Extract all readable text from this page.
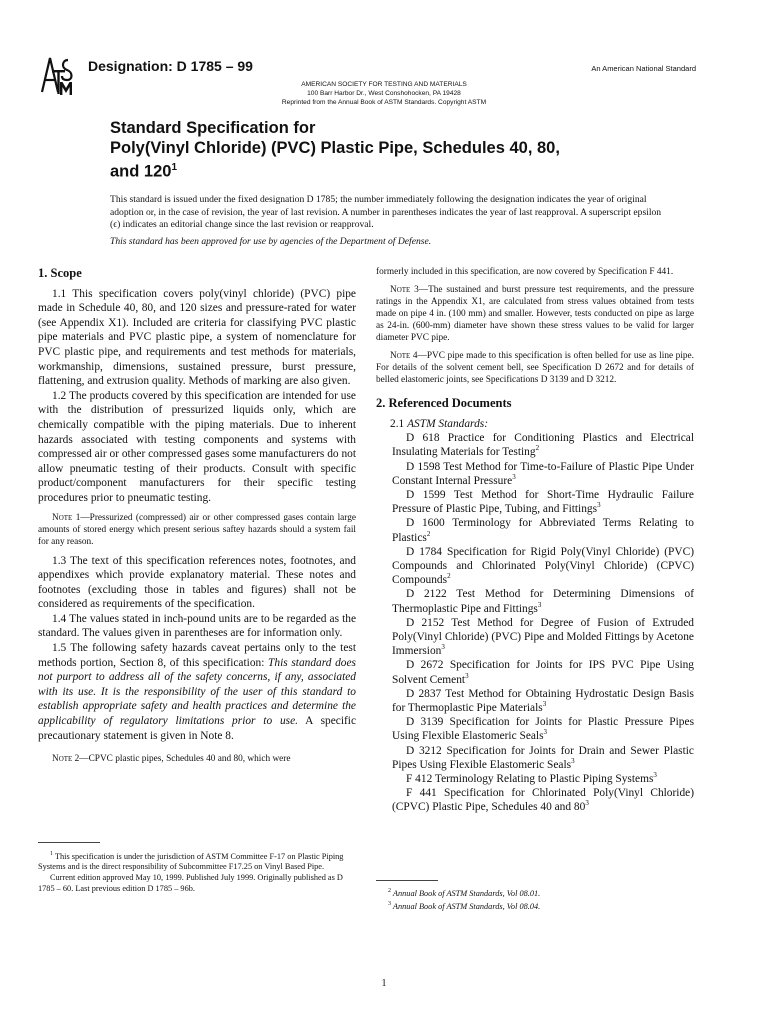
Designation: D 1785 – 99	An American National Standard
AMERICAN SOCIETY FOR TESTING AND MATERIALS
100 Barr Harbor Dr., West Conshohocken, PA 19428
Reprinted from the Annual Book of ASTM Standards. Copyright ASTM
Standard Specification for
Poly(Vinyl Chloride) (PVC) Plastic Pipe, Schedules 40, 80,
and $120^1$

This standard is issued under the fixed designation D 1785; the number immediately following the designation indicates the year of original adoption or, in the case of revision, the year of last revision. A number in parentheses indicates the year of last reapproval. A superscript epsilon (ϵ) indicates an editorial change since the last revision or reapproval.

This standard has been approved for use by agencies of the Department of Defense.

1. Scope

1.1 This specification covers poly(vinyl chloride) (PVC) pipe made in Schedule 40, 80, and 120 sizes and pressure-rated for water (see Appendix X1). Included are criteria for classifying PVC plastic pipe materials and PVC plastic pipe, a system of nomenclature for PVC plastic pipe, and requirements and test methods for materials, workmanship, dimensions, sustained pressure, burst pressure, flattening, and extrusion quality. Methods of marking are also given.

1.2 The products covered by this specification are intended for use with the distribution of pressurized liquids only, which are chemically compatible with the piping materials. Due to inherent hazards associated with testing components and systems with compressed air or other compressed gases some manufacturers do not allow pneumatic testing of their products. Consult with specific product/component manufacturers for their specific testing procedures prior to pneumatic testing.

Note 1—Pressurized (compressed) air or other compressed gases contain large amounts of stored energy which present serious saftey hazards should a system fail for any reason.

1.3 The text of this specification references notes, footnotes, and appendixes which provide explanatory material. These notes and footnotes (excluding those in tables and figures) shall not be considered as requirements of the specification.

1.4 The values stated in inch-pound units are to be regarded as the standard. The values given in parentheses are for information only.

1.5 The following safety hazards caveat pertains only to the test methods portion, Section 8, of this specification: This standard does not purport to address all of the safety concerns, if any, associated with its use. It is the responsibility of the user of this standard to establish appropriate safety and health practices and determine the applicability of regulatory limitations prior to use. A specific precautionary statement is given in Note 8.

Note 2—CPVC plastic pipes, Schedules 40 and 80, which were

$^1$ This specification is under the jurisdiction of ASTM Committee F-17 on Plastic Piping Systems and is the direct responsibility of Subcommittee F17.25 on Vinyl Based Pipe.

Current edition approved May 10, 1999. Published July 1999. Originally published as D 1785 – 60. Last previous edition D 1785 – 96b.

formerly included in this specification, are now covered by Specification F 441.

Note 3—The sustained and burst pressure test requirements, and the pressure ratings in the Appendix X1, are calculated from stress values obtained from tests made on pipe 4 in. (100 mm) and smaller. However, tests conducted on pipe as large as 24-in. (600-mm) diameter have shown these stress values to be valid for larger diameter PVC pipe.

Note 4—PVC pipe made to this specification is often belled for use as line pipe. For details of the solvent cement bell, see Specification D 2672 and for details of belled elastomeric joints, see Specifications D 3139 and D 3212.

2. Referenced Documents

2.1 ASTM Standards:

D 618 Practice for Conditioning Plastics and Electrical Insulating Materials for Testing$^2$

D 1598 Test Method for Time-to-Failure of Plastic Pipe Under Constant Internal Pressure$^3$

D 1599 Test Method for Short-Time Hydraulic Failure Pressure of Plastic Pipe, Tubing, and Fittings$^3$

D 1600 Terminology for Abbreviated Terms Relating to Plastics$^2$

D 1784 Specification for Rigid Poly(Vinyl Chloride) (PVC) Compounds and Chlorinated Poly(Vinyl Chloride) (CPVC) Compounds$^2$

D 2122 Test Method for Determining Dimensions of Thermoplastic Pipe and Fittings$^3$

D 2152 Test Method for Degree of Fusion of Extruded Poly(Vinyl Chloride) (PVC) Pipe and Molded Fittings by Acetone Immersion$^3$

D 2672 Specification for Joints for IPS PVC Pipe Using Solvent Cement$^3$

D 2837 Test Method for Obtaining Hydrostatic Design Basis for Thermoplastic Pipe Materials$^3$

D 3139 Specification for Joints for Plastic Pressure Pipes Using Flexible Elastomeric Seals$^3$

D 3212 Specification for Joints for Drain and Sewer Plastic Pipes Using Flexible Elastomeric Seals$^3$

F 412 Terminology Relating to Plastic Piping Systems$^3$

F 441 Specification for Chlorinated Poly(Vinyl Chloride) (CPVC) Plastic Pipe, Schedules 40 and $80^3$

$^2$ Annual Book of ASTM Standards, Vol 08.01.

$^3$ Annual Book of ASTM Standards, Vol 08.04.

1
